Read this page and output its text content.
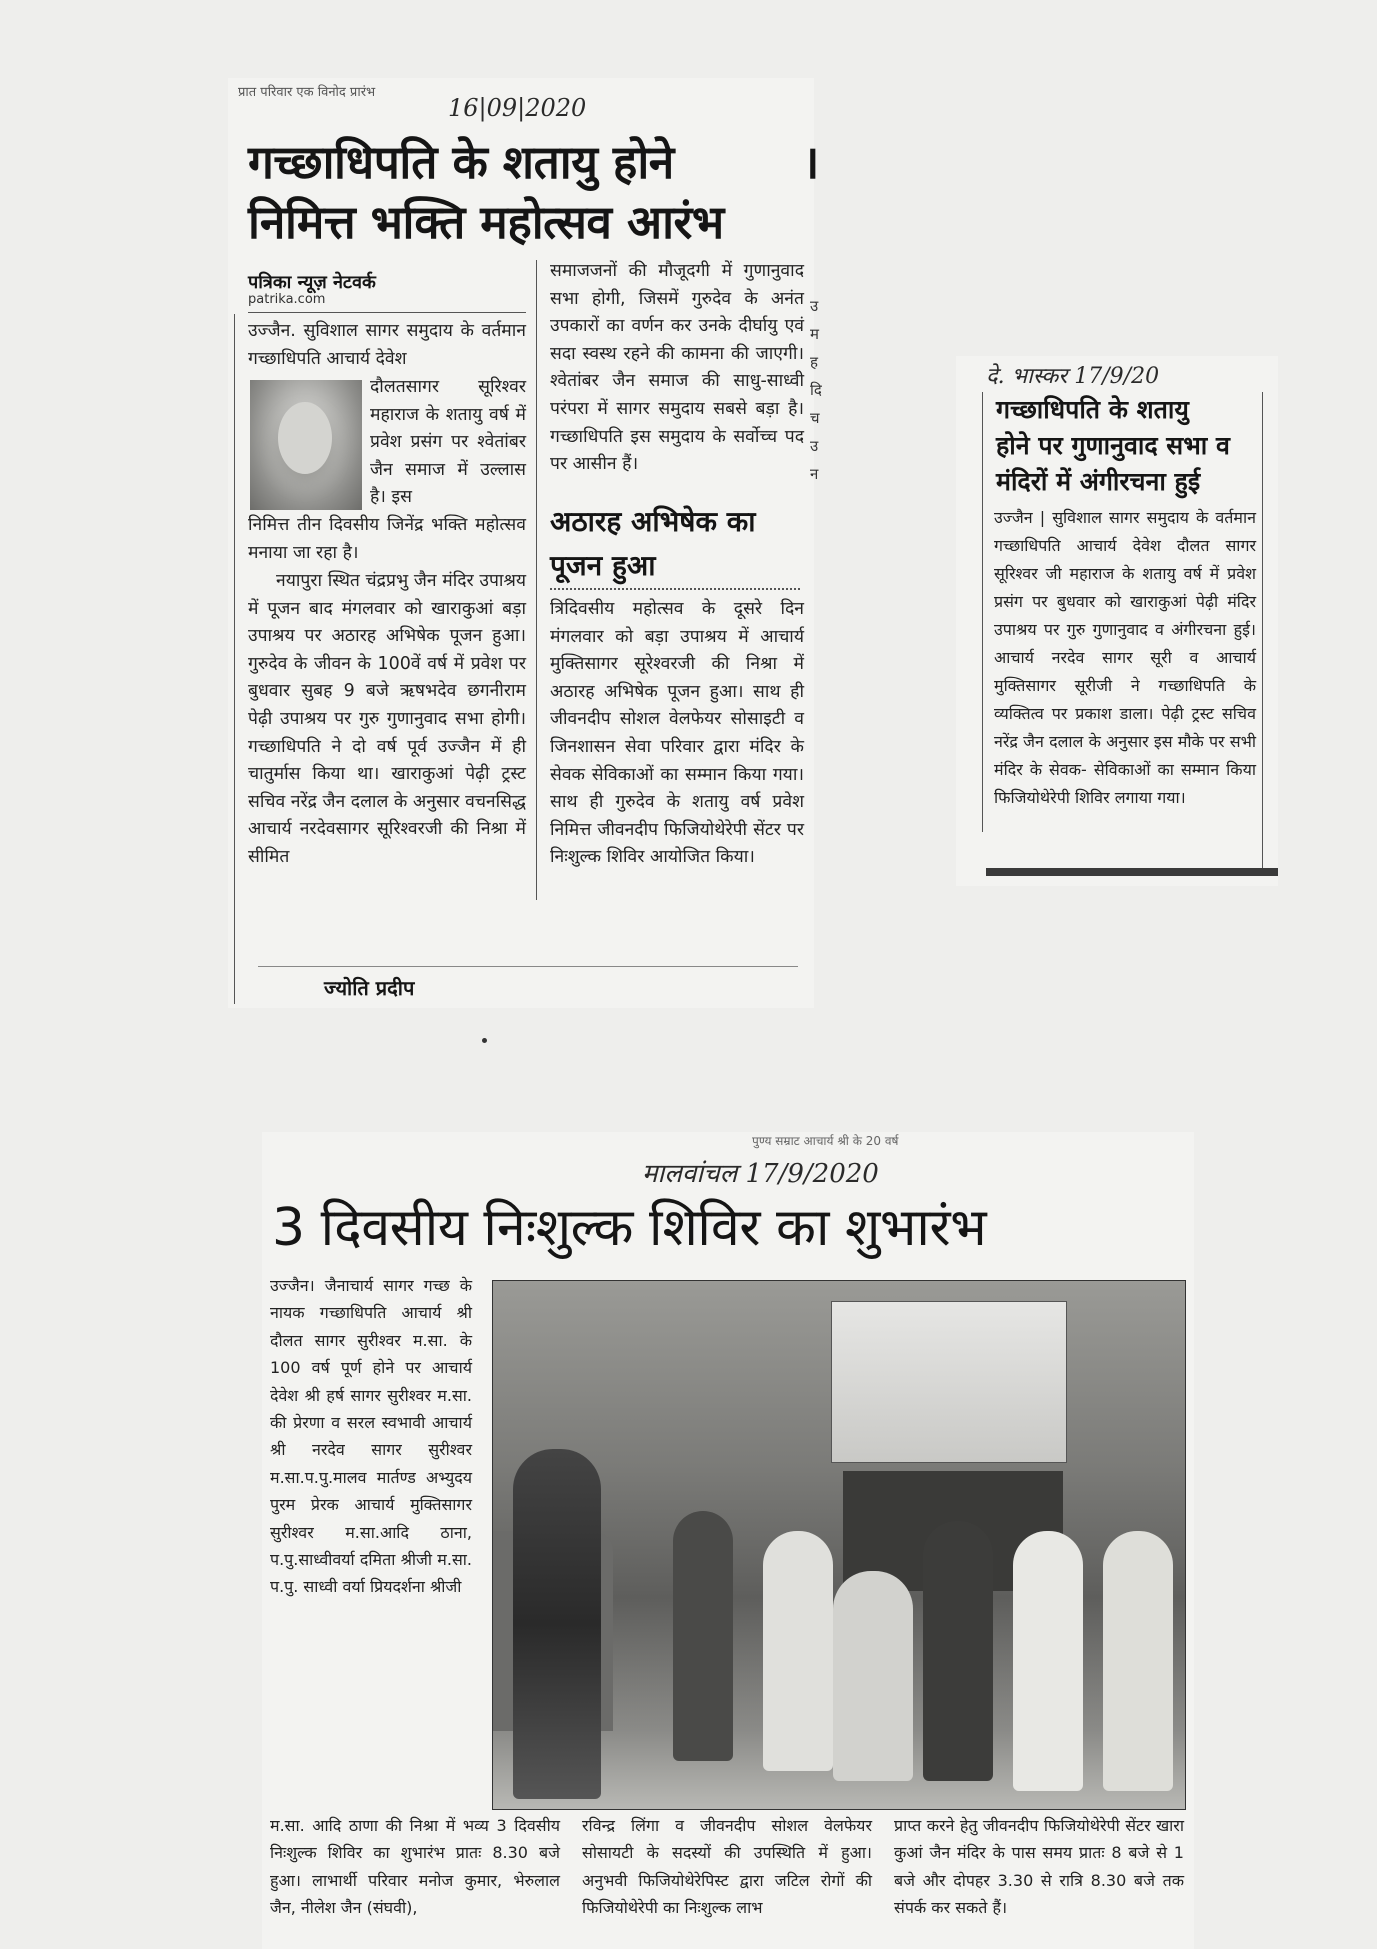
प्रात परिवार एक विनोद प्रारंभ
16|09|2020
गच्छाधिपति के शतायु होने
निमित्त भक्ति महोत्सव आरंभ
।
पत्रिका न्यूज़ नेटवर्क
patrika.com
उज्जैन. सुविशाल सागर समुदाय के वर्तमान गच्छाधिपति आचार्य देवेश
दौलतसागर सूरिश्वर महाराज के शतायु वर्ष में प्रवेश प्रसंग पर श्वेतांबर जैन समाज में उल्लास है। इस
निमित्त तीन दिवसीय जिनेंद्र भक्ति महोत्सव मनाया जा रहा है।
नयापुरा स्थित चंद्रप्रभु जैन मंदिर उपाश्रय में पूजन बाद मंगलवार को खाराकुआं बड़ा उपाश्रय पर अठारह अभिषेक पूजन हुआ। गुरुदेव के जीवन के 100वें वर्ष में प्रवेश पर बुधवार सुबह 9 बजे ऋषभदेव छगनीराम पेढ़ी उपाश्रय पर गुरु गुणानुवाद सभा होगी। गच्छाधिपति ने दो वर्ष पूर्व उज्जैन में ही चातुर्मास किया था। खाराकुआं पेढ़ी ट्रस्ट सचिव नरेंद्र जैन दलाल के अनुसार वचनसिद्ध आचार्य नरदेवसागर सूरिश्वरजी की निश्रा में सीमित
समाजजनों की मौजूदगी में गुणानुवाद सभा होगी, जिसमें गुरुदेव के अनंत उपकारों का वर्णन कर उनके दीर्घायु एवं सदा स्वस्थ रहने की कामना की जाएगी। श्वेतांबर जैन समाज की साधु-साध्वी परंपरा में सागर समुदाय सबसे बड़ा है। गच्छाधिपति इस समुदाय के सर्वोच्च पद पर आसीन हैं।
अठारह अभिषेक का
पूजन हुआ
त्रिदिवसीय महोत्सव के दूसरे दिन मंगलवार को बड़ा उपाश्रय में आचार्य मुक्तिसागर सूरेश्वरजी की निश्रा में अठारह अभिषेक पूजन हुआ। साथ ही जीवनदीप सोशल वेलफेयर सोसाइटी व जिनशासन सेवा परिवार द्वारा मंदिर के सेवक सेविकाओं का सम्मान किया गया। साथ ही गुरुदेव के शतायु वर्ष प्रवेश निमित्त जीवनदीप फिजियोथेरेपी सेंटर पर निःशुल्क शिविर आयोजित किया।
उ म ह दि च उ न
ज्योति प्रदीप
दे. भास्कर 17/9/20
गच्छाधिपति के शतायु
होने पर गुणानुवाद सभा व
मंदिरों में अंगीरचना हुई
उज्जैन | सुविशाल सागर समुदाय के वर्तमान गच्छाधिपति आचार्य देवेश दौलत सागर सूरिश्वर जी महाराज के शतायु वर्ष में प्रवेश प्रसंग पर बुधवार को खाराकुआं पेढ़ी मंदिर उपाश्रय पर गुरु गुणानुवाद व अंगीरचना हुई। आचार्य नरदेव सागर सूरी व आचार्य मुक्तिसागर सूरीजी ने गच्छाधिपति के व्यक्तित्व पर प्रकाश डाला। पेढ़ी ट्रस्ट सचिव नरेंद्र जैन दलाल के अनुसार इस मौके पर सभी मंदिर के सेवक- सेविकाओं का सम्मान किया फिजियोथेरेपी शिविर लगाया गया।
पुण्य सम्राट आचार्य श्री के 20 वर्ष
मालवांचल 17/9/2020
3 दिवसीय निःशुल्क शिविर का शुभारंभ
उज्जैन। जैनाचार्य सागर गच्छ के नायक गच्छाधिपति आचार्य श्री दौलत सागर सुरीश्वर म.सा. के 100 वर्ष पूर्ण होने पर आचार्य देवेश श्री हर्ष सागर सुरीश्वर म.सा. की प्रेरणा व सरल स्वभावी आचार्य श्री नरदेव सागर सुरीश्वर म.सा.प.पु.मालव मार्तण्ड अभ्युदय पुरम प्रेरक आचार्य मुक्तिसागर सुरीश्वर म.सा.आदि ठाना, प.पु.साध्वीवर्या दमिता श्रीजी म.सा. प.पु. साध्वी वर्या प्रियदर्शना श्रीजी
म.सा. आदि ठाणा की निश्रा में भव्य 3 दिवसीय निःशुल्क शिविर का शुभारंभ प्रातः 8.30 बजे हुआ। लाभार्थी परिवार मनोज कुमार, भेरुलाल जैन, नीलेश जैन (संघवी),
रविन्द्र लिंगा व जीवनदीप सोशल वेलफेयर सोसायटी के सदस्यों की उपस्थिति में हुआ। अनुभवी फिजियोथेरेपिस्ट द्वारा जटिल रोगों की फिजियोथेरेपी का निःशुल्क लाभ
प्राप्त करने हेतु जीवनदीप फिजियोथेरेपी सेंटर खारा कुआं जैन मंदिर के पास समय प्रातः 8 बजे से 1 बजे और दोपहर 3.30 से रात्रि 8.30 बजे तक संपर्क कर सकते हैं।
